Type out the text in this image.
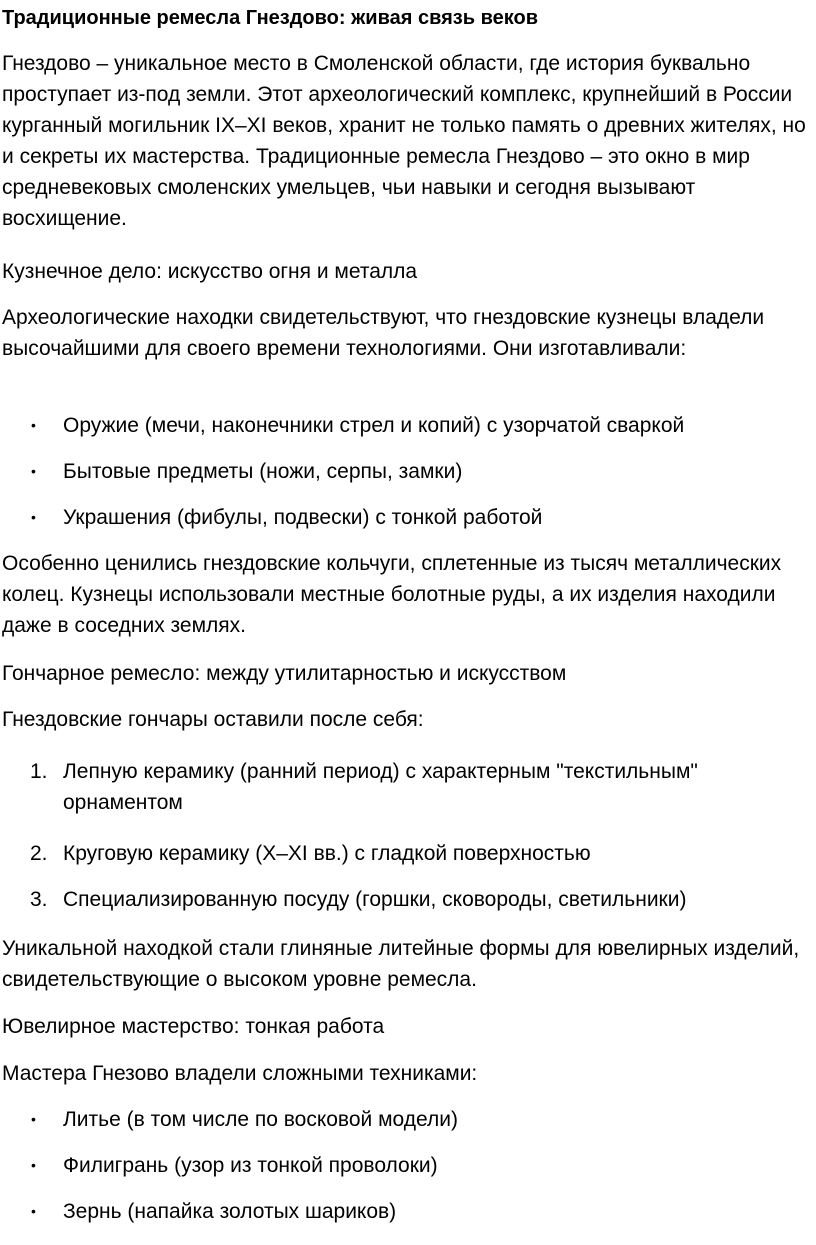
Традиционные ремесла Гнездово: живая связь веков

Гнездово – уникальное место в Смоленской области, где история буквально проступает из-под земли. Этот археологический комплекс, крупнейший в России курганный могильник IX–XI веков, хранит не только память о древних жителях, но и секреты их мастерства. Традиционные ремесла Гнездово – это окно в мир средневековых смоленских умельцев, чьи навыки и сегодня вызывают восхищение.

Кузнечное дело: искусство огня и металла

Археологические находки свидетельствуют, что гнездовские кузнецы владели высочайшими для своего времени технологиями. Они изготавливали:

• Оружие (мечи, наконечники стрел и копий) с узорчатой сваркой
• Бытовые предметы (ножи, серпы, замки)
• Украшения (фибулы, подвески) с тонкой работой

Особенно ценились гнездовские кольчуги, сплетенные из тысяч металлических колец. Кузнецы использовали местные болотные руды, а их изделия находили даже в соседних землях.

Гончарное ремесло: между утилитарностью и искусством

Гнездовские гончары оставили после себя:

1. Лепную керамику (ранний период) с характерным "текстильным" орнаментом
2. Круговую керамику (X–XI вв.) с гладкой поверхностью
3. Специализированную посуду (горшки, сковороды, светильники)

Уникальной находкой стали глиняные литейные формы для ювелирных изделий, свидетельствующие о высоком уровне ремесла.

Ювелирное мастерство: тонкая работа

Мастера Гнезово владели сложными техниками:

• Литье (в том числе по восковой модели)
• Филигрань (узор из тонкой проволоки)
• Зернь (напайка золотых шариков)
